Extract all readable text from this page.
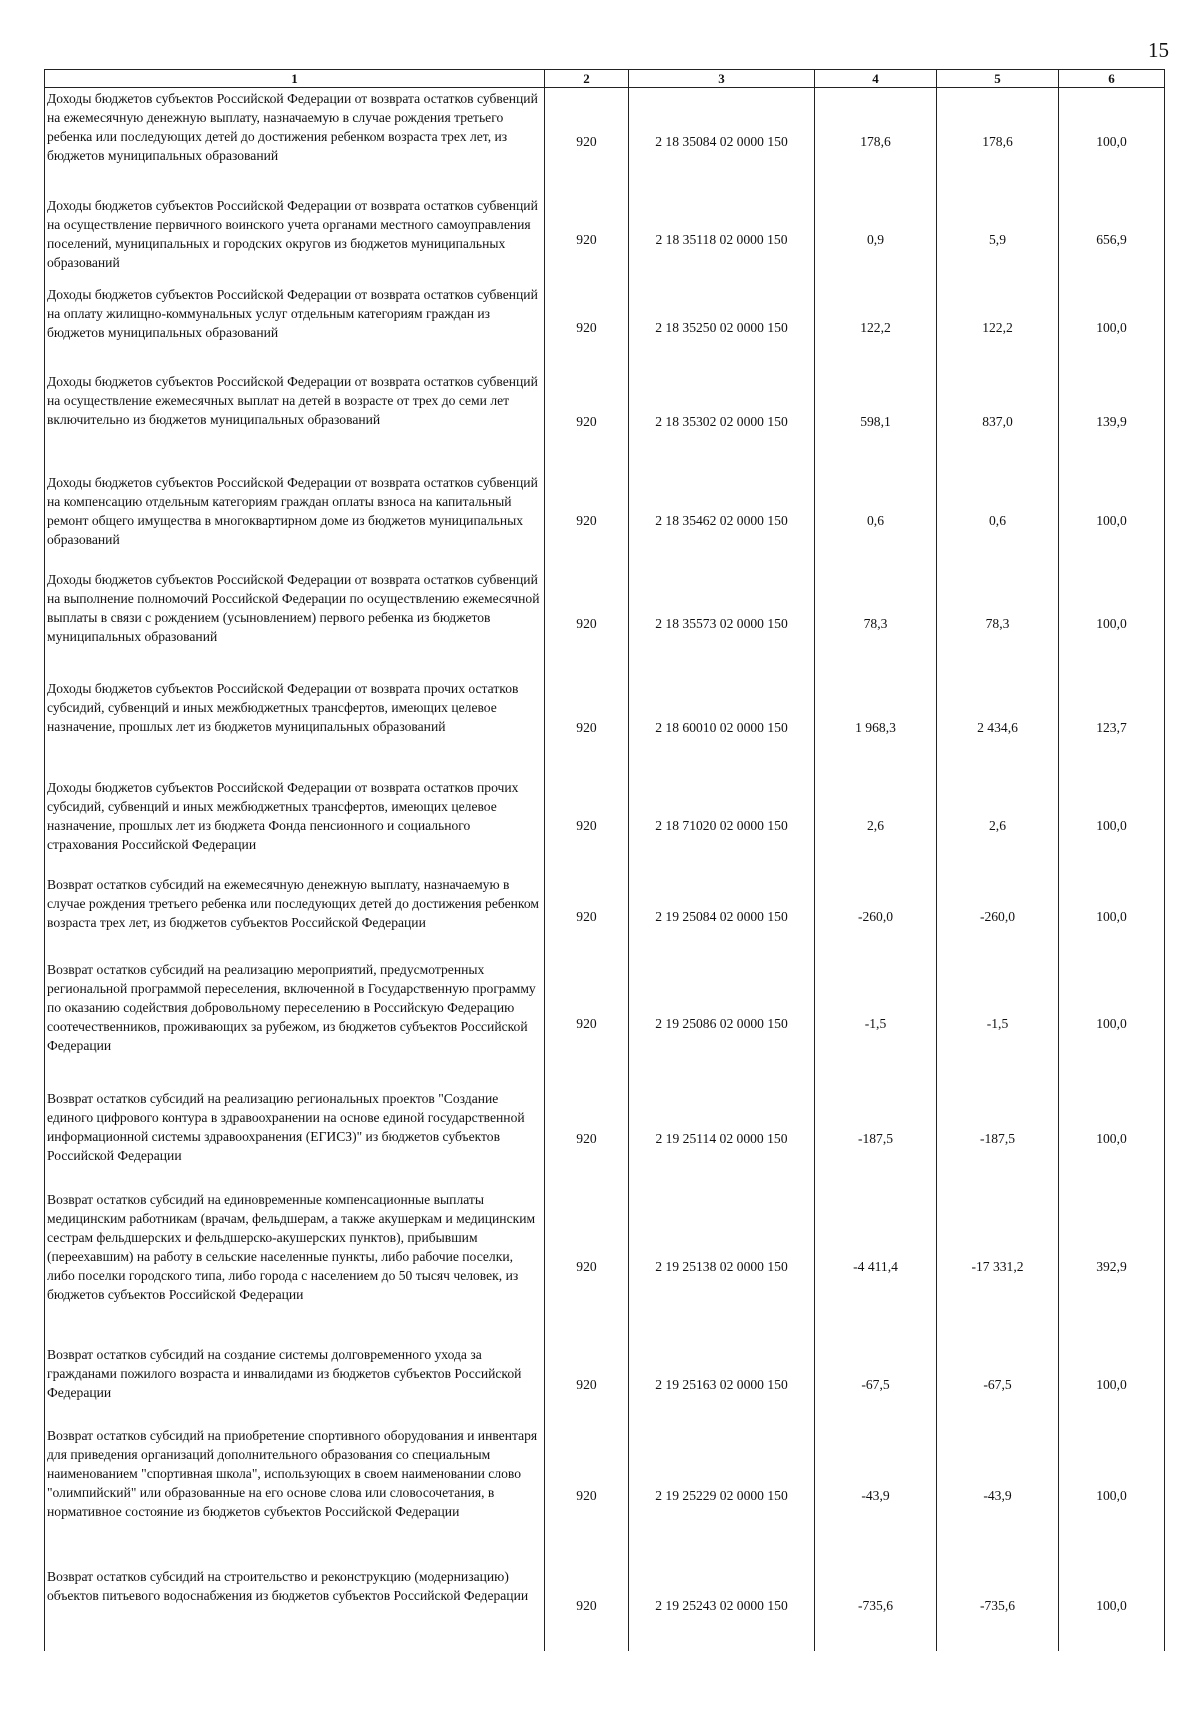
15
1	2	3	4	5	6
Доходы бюджетов субъектов Российской Федерации от возврата остатков субвенций на ежемесячную денежную выплату, назначаемую в случае рождения третьего ребенка или последующих детей до достижения ребенком возраста трех лет, из бюджетов муниципальных образований	920	2 18 35084 02 0000 150	178,6	178,6	100,0
Доходы бюджетов субъектов Российской Федерации от возврата остатков субвенций на осуществление первичного воинского учета органами местного самоуправления поселений, муниципальных и городских округов из бюджетов муниципальных образований	920	2 18 35118 02 0000 150	0,9	5,9	656,9
Доходы бюджетов субъектов Российской Федерации от возврата остатков субвенций на оплату жилищно-коммунальных услуг отдельным категориям граждан из бюджетов муниципальных образований	920	2 18 35250 02 0000 150	122,2	122,2	100,0
Доходы бюджетов субъектов Российской Федерации от возврата остатков субвенций на осуществление ежемесячных выплат на детей в возрасте от трех до семи лет включительно из бюджетов муниципальных образований	920	2 18 35302 02 0000 150	598,1	837,0	139,9
Доходы бюджетов субъектов Российской Федерации от возврата остатков субвенций на компенсацию отдельным категориям граждан оплаты взноса на капитальный ремонт общего имущества в многоквартирном доме из бюджетов муниципальных образований	920	2 18 35462 02 0000 150	0,6	0,6	100,0
Доходы бюджетов субъектов Российской Федерации от возврата остатков субвенций на выполнение полномочий Российской Федерации по осуществлению ежемесячной выплаты в связи с рождением (усыновлением) первого ребенка из бюджетов муниципальных образований	920	2 18 35573 02 0000 150	78,3	78,3	100,0
Доходы бюджетов субъектов Российской Федерации от возврата прочих остатков субсидий, субвенций и иных межбюджетных трансфертов, имеющих целевое назначение, прошлых лет из бюджетов муниципальных образований	920	2 18 60010 02 0000 150	1 968,3	2 434,6	123,7
Доходы бюджетов субъектов Российской Федерации от возврата остатков прочих субсидий, субвенций и иных межбюджетных трансфертов, имеющих целевое назначение, прошлых лет из бюджета Фонда пенсионного и социального страхования Российской Федерации	920	2 18 71020 02 0000 150	2,6	2,6	100,0
Возврат остатков субсидий на ежемесячную денежную выплату, назначаемую в случае рождения третьего ребенка или последующих детей до достижения ребенком возраста трех лет, из бюджетов субъектов Российской Федерации	920	2 19 25084 02 0000 150	-260,0	-260,0	100,0
Возврат остатков субсидий на реализацию мероприятий, предусмотренных региональной программой переселения, включенной в Государственную программу по оказанию содействия добровольному переселению в Российскую Федерацию соотечественников, проживающих за рубежом, из бюджетов субъектов Российской Федерации	920	2 19 25086 02 0000 150	-1,5	-1,5	100,0
Возврат остатков субсидий на реализацию региональных проектов "Создание единого цифрового контура в здравоохранении на основе единой государственной информационной системы здравоохранения (ЕГИСЗ)" из бюджетов субъектов Российской Федерации	920	2 19 25114 02 0000 150	-187,5	-187,5	100,0
Возврат остатков субсидий на единовременные компенсационные выплаты медицинским работникам (врачам, фельдшерам, а также акушеркам и медицинским сестрам фельдшерских и фельдшерско-акушерских пунктов), прибывшим (переехавшим) на работу в сельские населенные пункты, либо рабочие поселки, либо поселки городского типа, либо города с населением до 50 тысяч человек, из бюджетов субъектов Российской Федерации	920	2 19 25138 02 0000 150	-4 411,4	-17 331,2	392,9
Возврат остатков субсидий на создание системы долговременного ухода за гражданами пожилого возраста и инвалидами из бюджетов субъектов Российской Федерации	920	2 19 25163 02 0000 150	-67,5	-67,5	100,0
Возврат остатков субсидий на приобретение спортивного оборудования и инвентаря для приведения организаций дополнительного образования со специальным наименованием "спортивная школа", использующих в своем наименовании слово "олимпийский" или образованные на его основе слова или словосочетания, в нормативное состояние из бюджетов субъектов Российской Федерации	920	2 19 25229 02 0000 150	-43,9	-43,9	100,0
Возврат остатков субсидий на строительство и реконструкцию (модернизацию) объектов питьевого водоснабжения из бюджетов субъектов Российской Федерации	920	2 19 25243 02 0000 150	-735,6	-735,6	100,0
